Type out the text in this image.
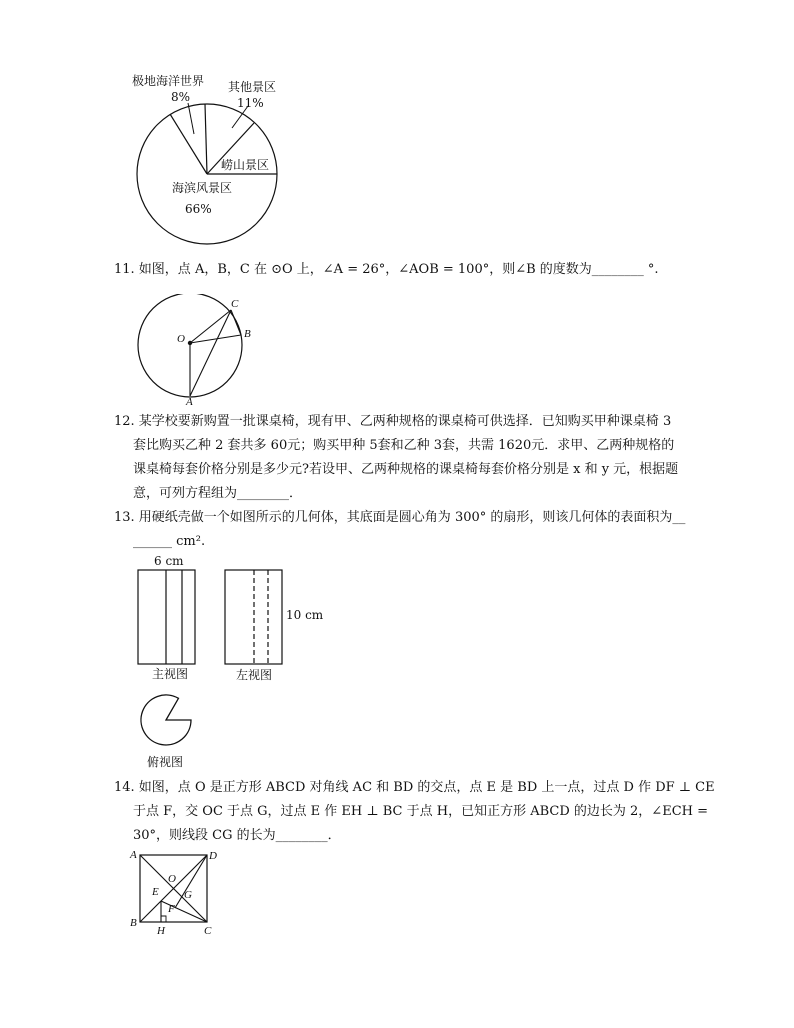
极地海洋世界
8%
其他景区
11%
崂山景区
海滨风景区
66%
11. 如图，点 A，B，C 在 ⊙O 上，∠A = 26°，∠AOB = 100°，则∠B 的度数为________ °.
C
B
O
A
12. 某学校要新购置一批课桌椅，现有甲、乙两种规格的课桌椅可供选择．已知购买甲种课桌椅 3
套比购买乙种 2 套共多 60元；购买甲种 5套和乙种 3套，共需 1620元．求甲、乙两种规格的
课桌椅每套价格分别是多少元?若设甲、乙两种规格的课桌椅每套价格分别是 x 和 y 元，根据题
意，可列方程组为________．
13. 用硬纸壳做一个如图所示的几何体，其底面是圆心角为 300° 的扇形，则该几何体的表面积为__
______ cm².
6 cm
主视图
10 cm
左视图
俯视图
14. 如图，点 O 是正方形 ABCD 对角线 AC 和 BD 的交点，点 E 是 BD 上一点，过点 D 作 DF ⊥ CE
于点 F，交 OC 于点 G，过点 E 作 EH ⊥ BC 于点 H，已知正方形 ABCD 的边长为 2，∠ECH =
30°，则线段 CG 的长为________．
A	D
O
E G
F
B
H	C
